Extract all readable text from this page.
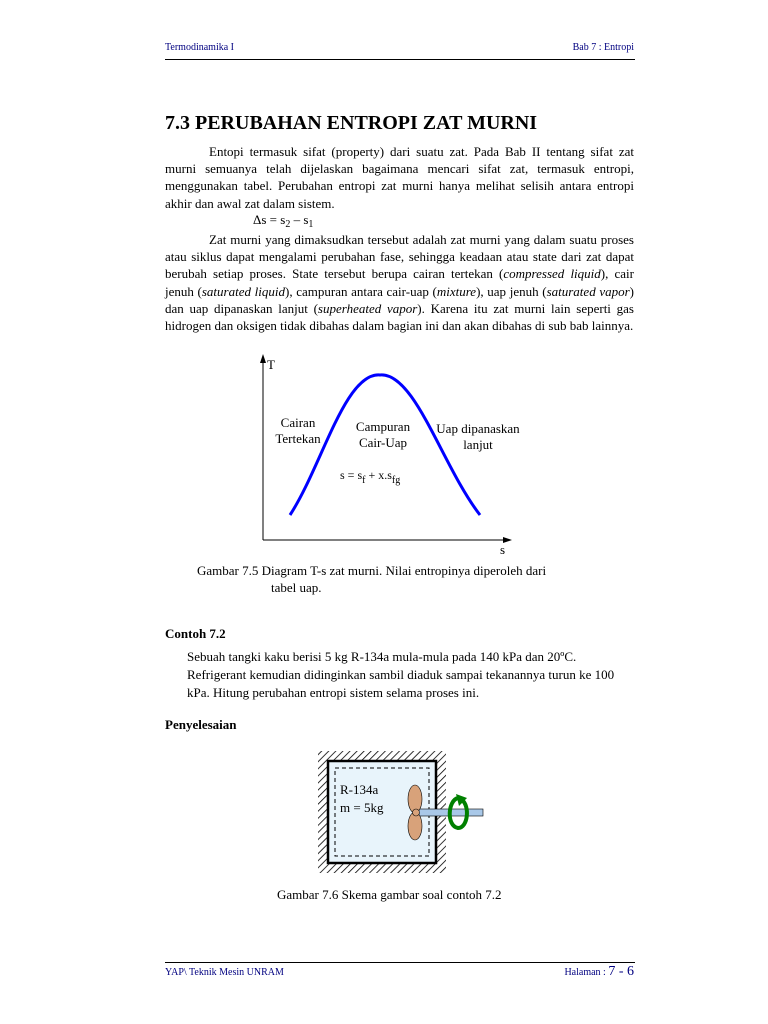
Termodinamika I	Bab 7 : Entropi
7.3 PERUBAHAN ENTROPI ZAT MURNI

Entopi termasuk sifat (property) dari suatu zat. Pada Bab II tentang sifat zat murni semuanya telah dijelaskan bagaimana mencari sifat zat, termasuk entropi, menggunakan tabel. Perubahan entropi zat murni hanya melihat selisih antara entropi akhir dan awal zat dalam sistem.

$\Delta s = s_2 - s_1$

Zat murni yang dimaksudkan tersebut adalah zat murni yang dalam suatu proses atau siklus dapat mengalami perubahan fase, sehingga keadaan atau state dari zat dapat berubah setiap proses. State tersebut berupa cairan tertekan (compressed liquid), cair jenuh (saturated liquid), campuran antara cair-uap (mixture), uap jenuh (saturated vapor) dan uap dipanaskan lanjut (superheated vapor). Karena itu zat murni lain seperti gas hidrogen dan oksigen tidak dibahas dalam bagian ini dan akan dibahas di sub bab lainnya.

T
s
Cairan
Tertekan
Campuran
Cair-Uap
Uap dipanaskan
lanjut
$s = s_f + x.s_{fg}$
Gambar 7.5 Diagram T-s zat murni. Nilai entropinya diperoleh dari
tabel uap.
Contoh 7.2
Sebuah tangki kaku berisi 5 kg R-134a mula-mula pada 140 kPa dan 20ºC. Refrigerant kemudian didinginkan sambil diaduk sampai tekanannya turun ke 100 kPa. Hitung perubahan entropi sistem selama proses ini.
Penyelesaian
R-134a
m = 5kg
Gambar 7.6 Skema gambar soal contoh 7.2
YAP\ Teknik Mesin UNRAM	Halaman : 7 - 6
